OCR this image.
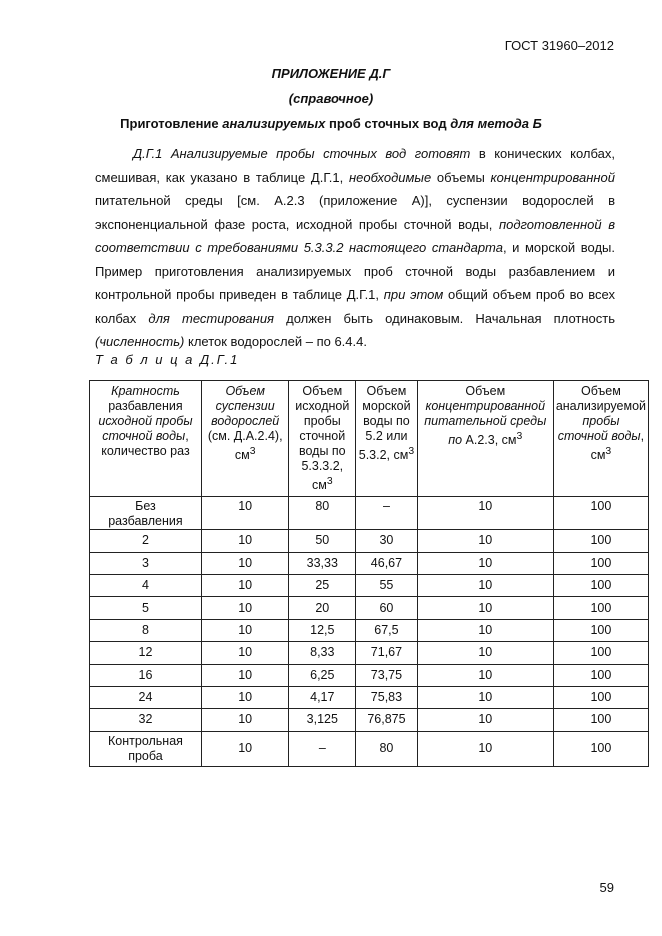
ГОСТ 31960–2012
ПРИЛОЖЕНИЕ Д.Г
(справочное)
Приготовление анализируемых проб сточных вод для метода Б

Д.Г.1 Анализируемые пробы сточных вод готовят в конических колбах, смешивая, как указано в таблице Д.Г.1, необходимые объемы концентрированной питательной среды [см. А.2.3 (приложение А)], суспензии водорослей в экспоненциальной фазе роста, исходной пробы сточной воды, подготовленной в соответствии с требованиями 5.3.3.2 настоящего стандарта, и морской воды. Пример приготовления анализируемых проб сточной воды разбавлением и контрольной пробы приведен в таблице Д.Г.1, при этом общий объем проб во всех колбах для тестирования должен быть одинаковым. Начальная плотность (численность) клеток водорослей – по 6.4.4.

Т а б л и ц а Д.Г.1
Кратность разбавления исходной пробы сточной воды, количество раз	Объем суспензии водорослей (см. Д.А.2.4), $см^3$	Объем исходной пробы сточной воды по 5.3.3.2, $см^3$	Объем морской воды по 5.2 или 5.3.2, $см^3$	Объем концентрированной питательной среды по А.2.3, $см^3$	Объем анализируемой пробы сточной воды, $см^3$
Без разбавления	10	80	–	10	100
2	10	50	30	10	100
3	10	33,33	46,67	10	100
4	10	25	55	10	100
5	10	20	60	10	100
8	10	12,5	67,5	10	100
12	10	8,33	71,67	10	100
16	10	6,25	73,75	10	100
24	10	4,17	75,83	10	100
32	10	3,125	76,875	10	100
Контрольная проба	10	–	80	10	100
59
